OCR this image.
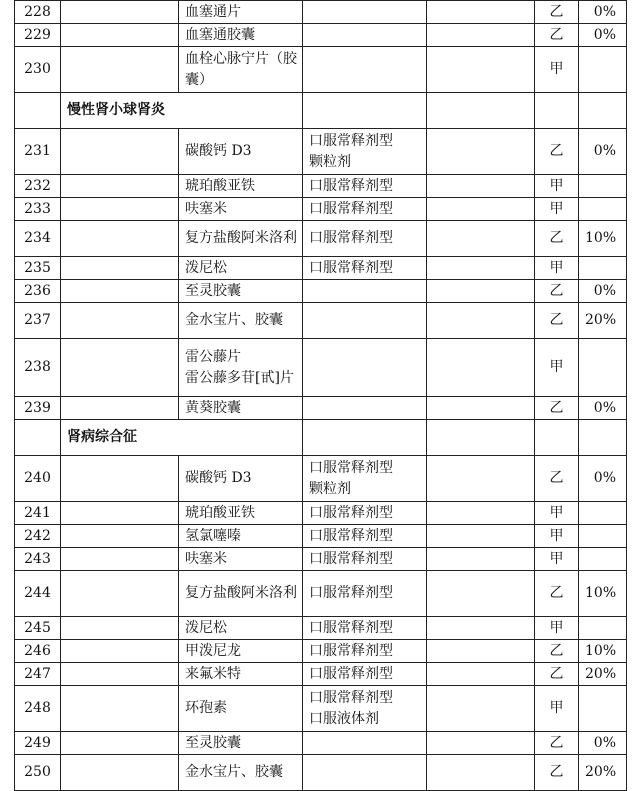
228		血塞通片			乙	0%
229		血塞通胶囊			乙	0%
230		血栓心脉宁片（胶
囊）			甲	
	慢性肾小球肾炎					
231		碳酸钙 D3	口服常释剂型
颗粒剂		乙	0%
232		琥珀酸亚铁	口服常释剂型		甲	
233		呋塞米	口服常释剂型		甲	
234		复方盐酸阿米洛利	口服常释剂型		乙	10%
235		泼尼松	口服常释剂型		甲	
236		至灵胶囊			乙	0%
237		金水宝片、胶囊			乙	20%
238		雷公藤片
雷公藤多苷[甙]片			甲	
239		黄葵胶囊			乙	0%
	肾病综合征					
240		碳酸钙 D3	口服常释剂型
颗粒剂		乙	0%
241		琥珀酸亚铁	口服常释剂型		甲	
242		氢氯噻嗪	口服常释剂型		甲	
243		呋塞米	口服常释剂型		甲	
244		复方盐酸阿米洛利	口服常释剂型		乙	10%
245		泼尼松	口服常释剂型		甲	
246		甲泼尼龙	口服常释剂型		乙	10%
247		来氟米特	口服常释剂型		乙	20%
248		环孢素	口服常释剂型
口服液体剂		甲	
249		至灵胶囊			乙	0%
250		金水宝片、胶囊			乙	20%
